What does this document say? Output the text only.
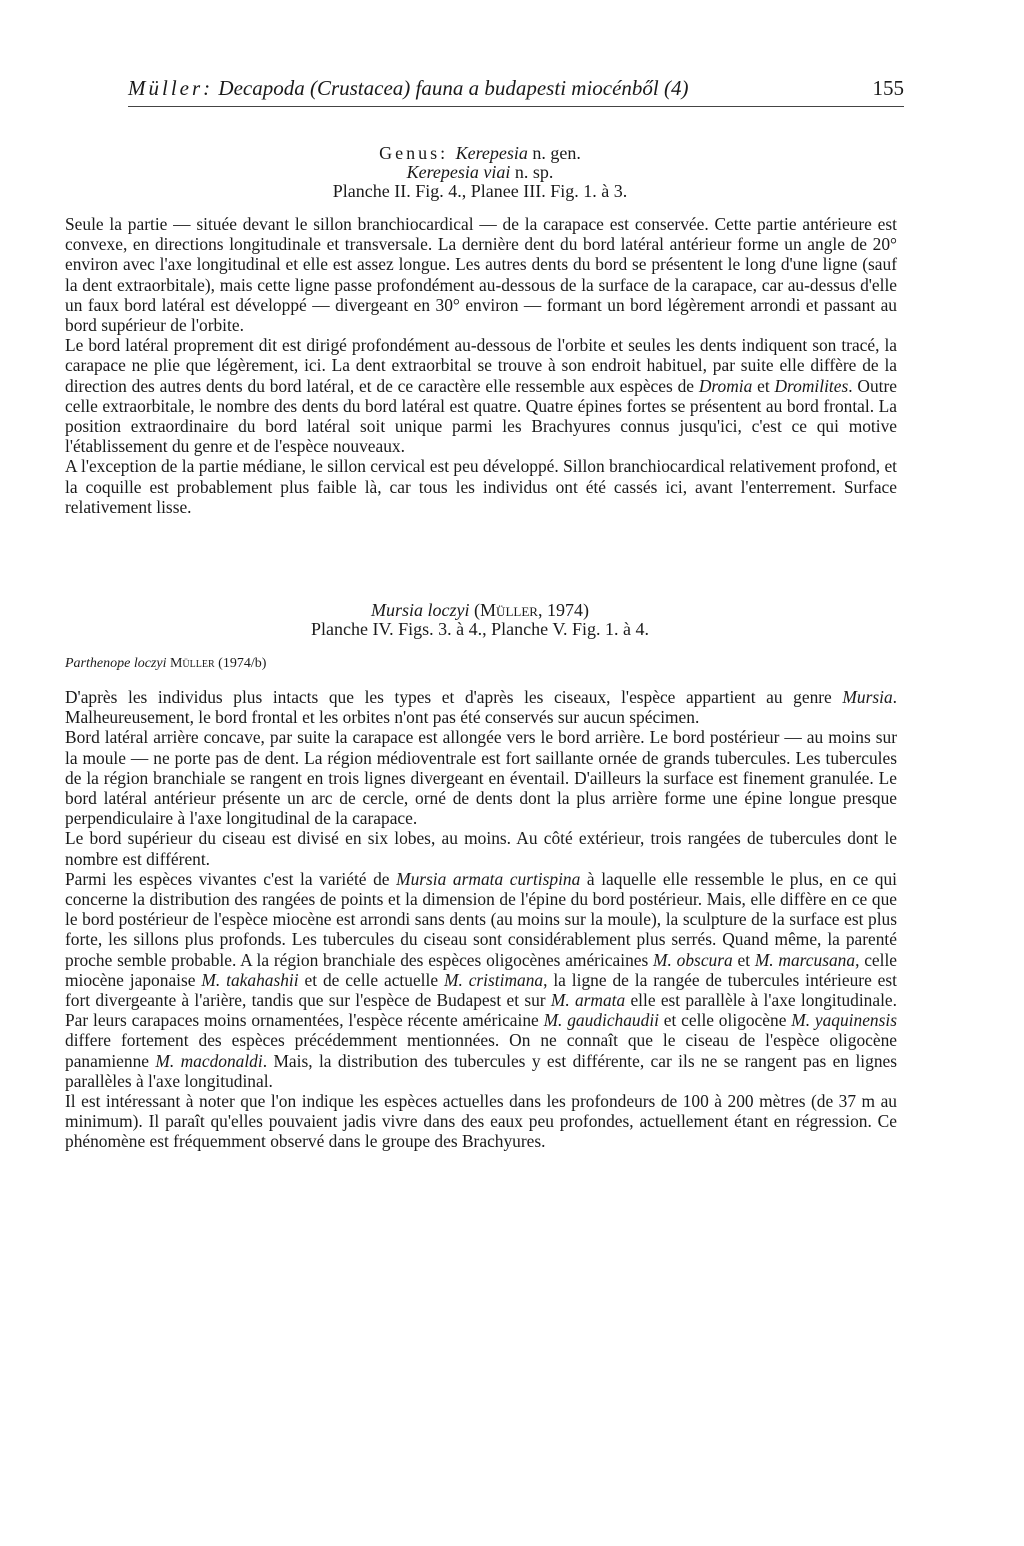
Müller: Decapoda (Crustacea) fauna a budapesti miocénből (4)	155
Genus: Kerepesia n. gen.
Kerepesia viai n. sp.
Planche II. Fig. 4., Planee III. Fig. 1. à 3.

Seule la partie — située devant le sillon branchiocardical — de la carapace est conservée. Cette partie antérieure est convexe, en directions longitudinale et transversale. La dernière dent du bord latéral antérieur forme un angle de 20° environ avec l'axe longitudinal et elle est assez longue. Les autres dents du bord se présentent le long d'une ligne (sauf la dent extraorbitale), mais cette ligne passe profondément au-dessous de la surface de la carapace, car au-dessus d'elle un faux bord latéral est développé — divergeant en 30° environ — formant un bord légèrement arrondi et passant au bord supérieur de l'orbite.

Le bord latéral proprement dit est dirigé profondément au-dessous de l'orbite et seules les dents indiquent son tracé, la carapace ne plie que légèrement, ici. La dent extraorbital se trouve à son endroit habituel, par suite elle diffère de la direction des autres dents du bord latéral, et de ce caractère elle ressemble aux espèces de Dromia et Dromilites. Outre celle extraorbitale, le nombre des dents du bord latéral est quatre. Quatre épines fortes se présentent au bord frontal. La position extraordinaire du bord latéral soit unique parmi les Brachyures connus jusqu'ici, c'est ce qui motive l'établissement du genre et de l'espèce nouveaux.

A l'exception de la partie médiane, le sillon cervical est peu développé. Sillon branchiocardical relativement profond, et la coquille est probablement plus faible là, car tous les individus ont été cassés ici, avant l'enterrement. Surface relativement lisse.

Mursia loczyi (Müller, 1974)
Planche IV. Figs. 3. à 4., Planche V. Fig. 1. à 4.
Parthenope loczyi Müller (1974/b)

D'après les individus plus intacts que les types et d'après les ciseaux, l'espèce appartient au genre Mursia. Malheureusement, le bord frontal et les orbites n'ont pas été conservés sur aucun spécimen.

Bord latéral arrière concave, par suite la carapace est allongée vers le bord arrière. Le bord postérieur — au moins sur la moule — ne porte pas de dent. La région médioventrale est fort saillante ornée de grands tubercules. Les tubercules de la région branchiale se rangent en trois lignes divergeant en éventail. D'ailleurs la surface est finement granulée. Le bord latéral antérieur présente un arc de cercle, orné de dents dont la plus arrière forme une épine longue presque perpendiculaire à l'axe longitudinal de la carapace.

Le bord supérieur du ciseau est divisé en six lobes, au moins. Au côté extérieur, trois rangées de tubercules dont le nombre est différent.

Parmi les espèces vivantes c'est la variété de Mursia armata curtispina à laquelle elle ressemble le plus, en ce qui concerne la distribution des rangées de points et la dimension de l'épine du bord postérieur. Mais, elle diffère en ce que le bord postérieur de l'espèce miocène est arrondi sans dents (au moins sur la moule), la sculpture de la surface est plus forte, les sillons plus profonds. Les tubercules du ciseau sont considérablement plus serrés. Quand même, la parenté proche semble probable. A la région branchiale des espèces oligocènes américaines M. obscura et M. marcusana, celle miocène japonaise M. takahashii et de celle actuelle M. cristimana, la ligne de la rangée de tubercules intérieure est fort divergeante à l'arière, tandis que sur l'espèce de Budapest et sur M. armata elle est parallèle à l'axe longitudinale. Par leurs carapaces moins ornamentées, l'espèce récente américaine M. gaudichaudii et celle oligocène M. yaquinensis differe fortement des espèces précédemment mentionnées. On ne connaît que le ciseau de l'espèce oligocène panamienne M. macdonaldi. Mais, la distribution des tubercules y est différente, car ils ne se rangent pas en lignes parallèles à l'axe longitudinal.

Il est intéressant à noter que l'on indique les espèces actuelles dans les profondeurs de 100 à 200 mètres (de 37 m au minimum). Il paraît qu'elles pouvaient jadis vivre dans des eaux peu profondes, actuellement étant en régression. Ce phénomène est fréquemment observé dans le groupe des Brachyures.
